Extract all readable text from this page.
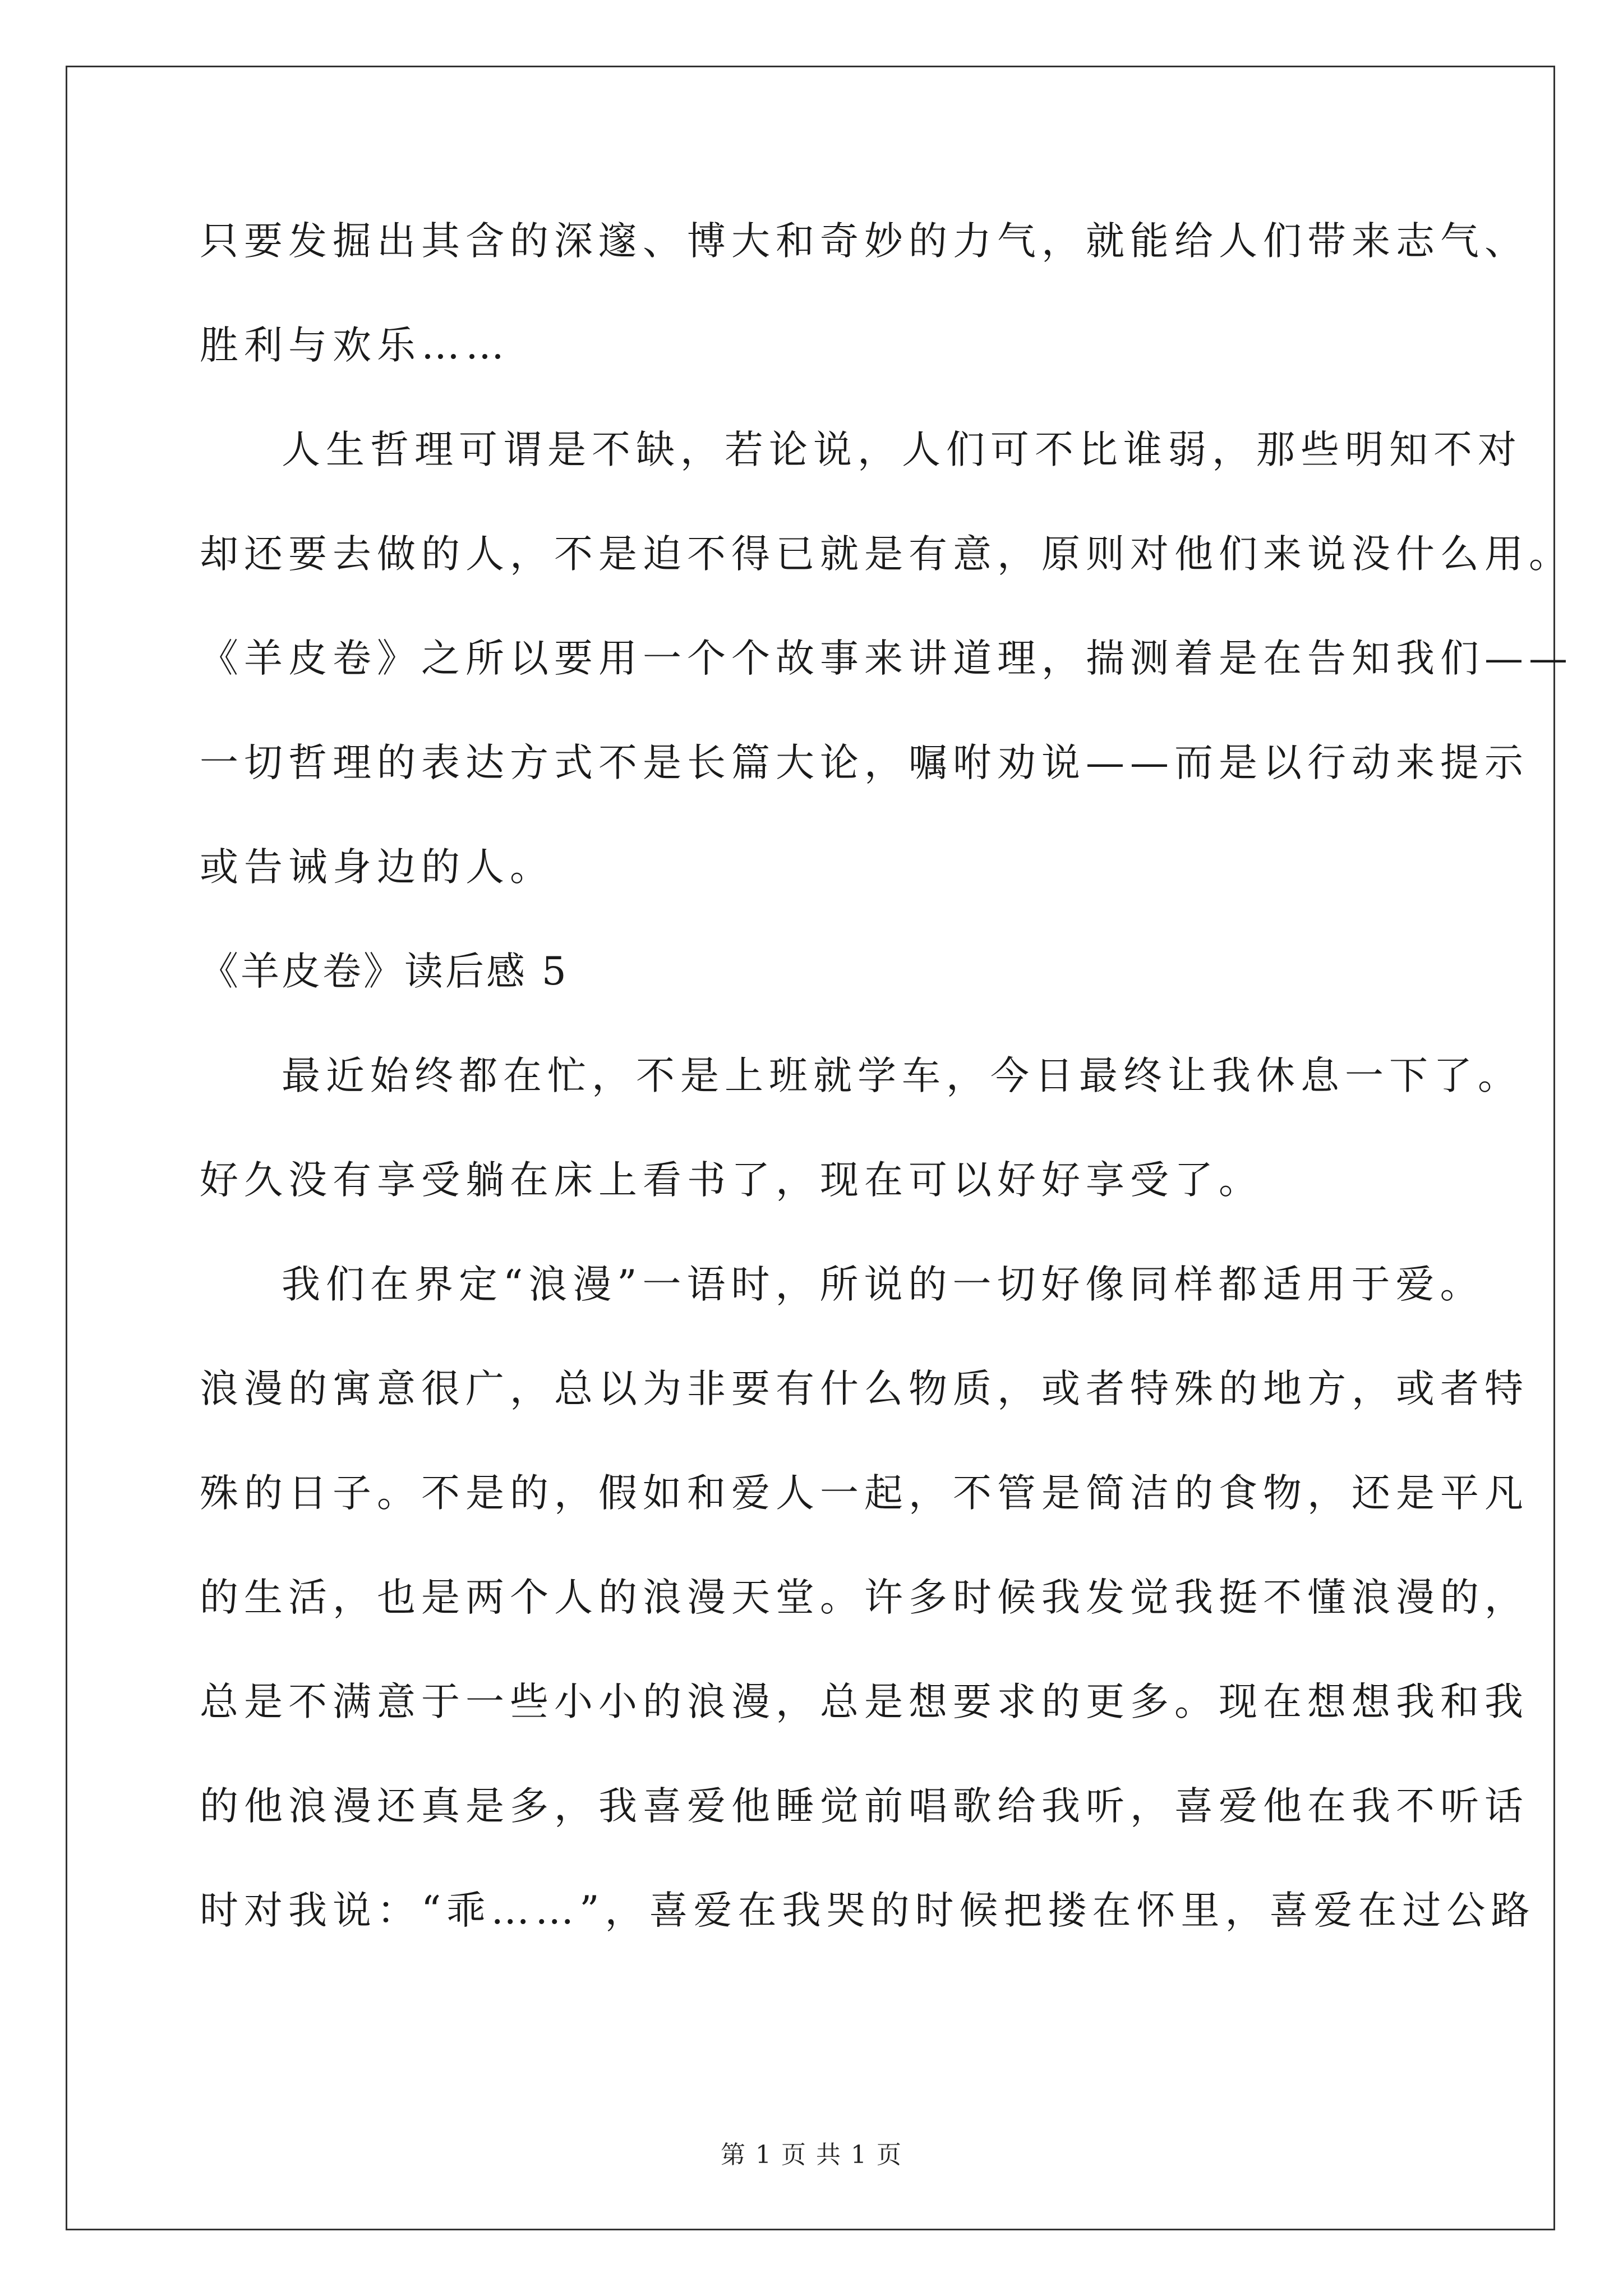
只要发掘出其含的深邃、博大和奇妙的力气，就能给人们带来志气、
胜利与欢乐……
人生哲理可谓是不缺，若论说，人们可不比谁弱，那些明知不对
却还要去做的人，不是迫不得已就是有意，原则对他们来说没什么用。
《羊皮卷》之所以要用一个个故事来讲道理，揣测着是在告知我们——
一切哲理的表达方式不是长篇大论，嘱咐劝说——而是以行动来提示
或告诫身边的人。
《羊皮卷》读后感 5
最近始终都在忙，不是上班就学车，今日最终让我休息一下了。
好久没有享受躺在床上看书了，现在可以好好享受了。
我们在界定“浪漫”一语时，所说的一切好像同样都适用于爱。
浪漫的寓意很广，总以为非要有什么物质，或者特殊的地方，或者特
殊的日子。不是的，假如和爱人一起，不管是简洁的食物，还是平凡
的生活，也是两个人的浪漫天堂。许多时候我发觉我挺不懂浪漫的，
总是不满意于一些小小的浪漫，总是想要求的更多。现在想想我和我
的他浪漫还真是多，我喜爱他睡觉前唱歌给我听，喜爱他在我不听话
时对我说：“乖……”，喜爱在我哭的时候把搂在怀里，喜爱在过公路
第 1 页 共 1 页
